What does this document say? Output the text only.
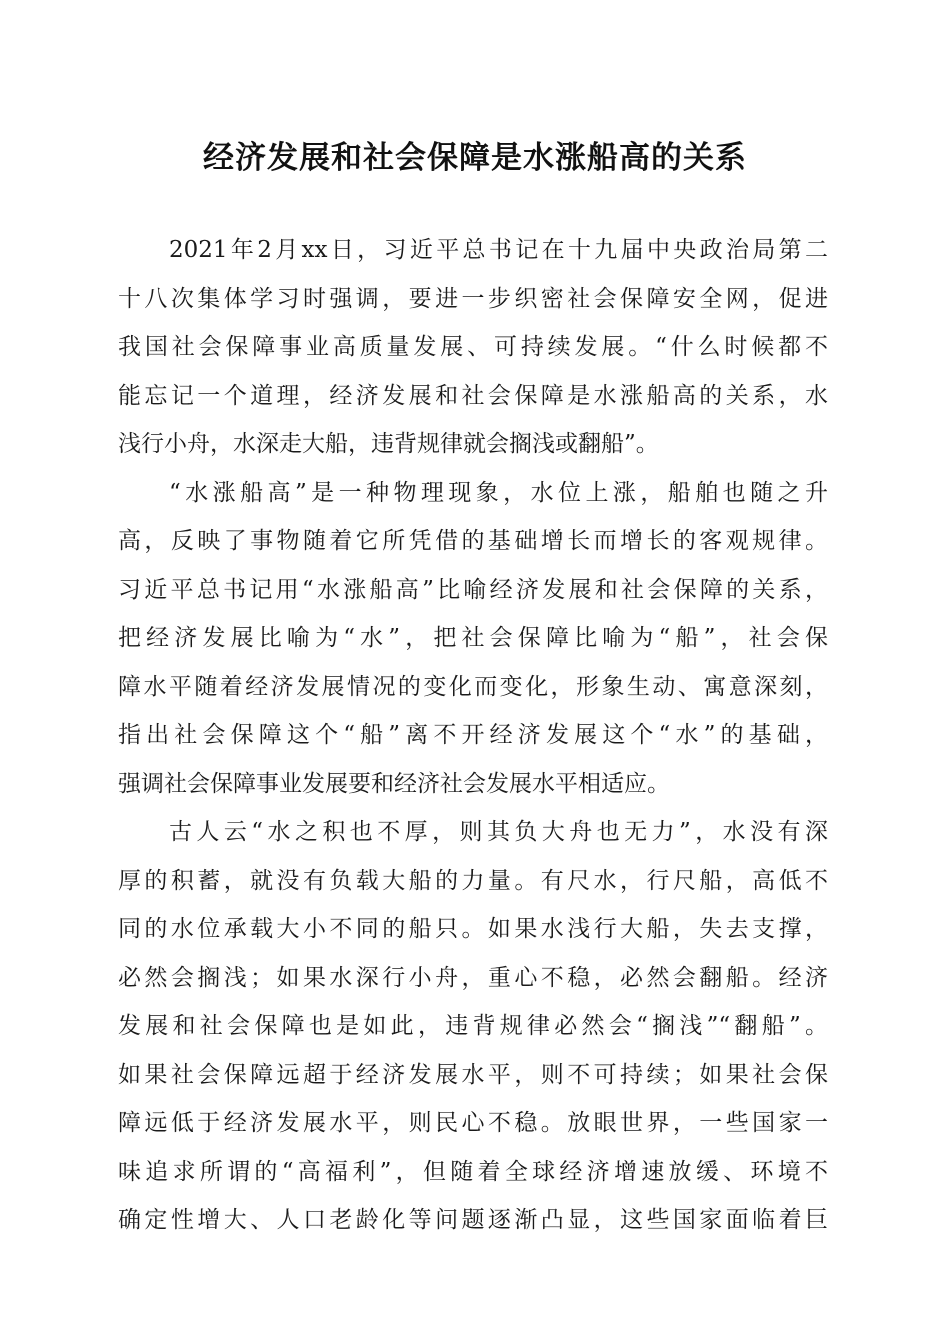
经济发展和社会保障是水涨船高的关系
2021年2月xx日，习近平总书记在十九届中央政治局第二
十八次集体学习时强调，要进一步织密社会保障安全网，促进
我国社会保障事业高质量发展、可持续发展。“什么时候都不
能忘记一个道理，经济发展和社会保障是水涨船高的关系，水
浅行小舟，水深走大船，违背规律就会搁浅或翻船”。
“水涨船高”是一种物理现象，水位上涨，船舶也随之升
高，反映了事物随着它所凭借的基础增长而增长的客观规律。
习近平总书记用“水涨船高”比喻经济发展和社会保障的关系，
把经济发展比喻为“水”，把社会保障比喻为“船”，社会保
障水平随着经济发展情况的变化而变化，形象生动、寓意深刻，
指出社会保障这个“船”离不开经济发展这个“水”的基础，
强调社会保障事业发展要和经济社会发展水平相适应。
古人云“水之积也不厚，则其负大舟也无力”，水没有深
厚的积蓄，就没有负载大船的力量。有尺水，行尺船，高低不
同的水位承载大小不同的船只。如果水浅行大船，失去支撑，
必然会搁浅；如果水深行小舟，重心不稳，必然会翻船。经济
发展和社会保障也是如此，违背规律必然会“搁浅”“翻船”。
如果社会保障远超于经济发展水平，则不可持续；如果社会保
障远低于经济发展水平，则民心不稳。放眼世界，一些国家一
味追求所谓的“高福利”，但随着全球经济增速放缓、环境不
确定性增大、人口老龄化等问题逐渐凸显，这些国家面临着巨
